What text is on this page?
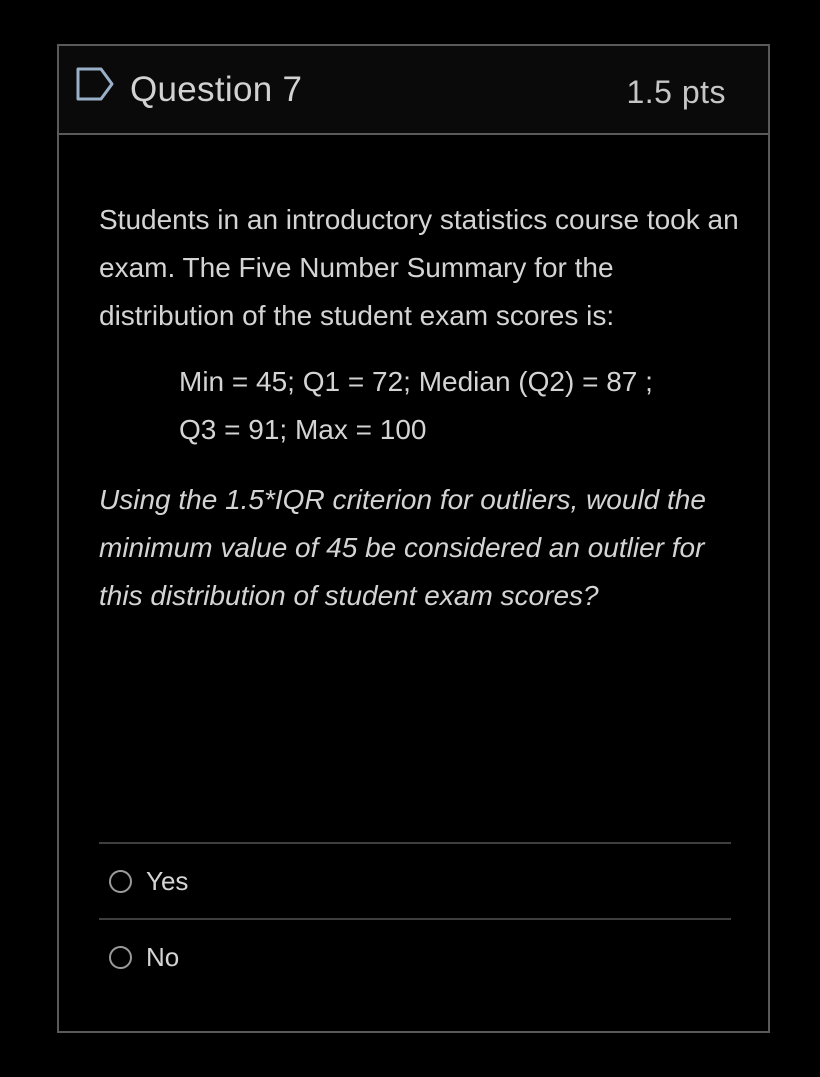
Question 7	1.5 pts

Students in an introductory statistics course took an exam. The Five Number Summary for the distribution of the student exam scores is:

Min = 45; Q1 = 72; Median (Q2) = 87 ;
Q3 = 91; Max = 100

Using the 1.5*IQR criterion for outliers, would the minimum value of 45 be considered an outlier for this distribution of student exam scores?

Yes
No
